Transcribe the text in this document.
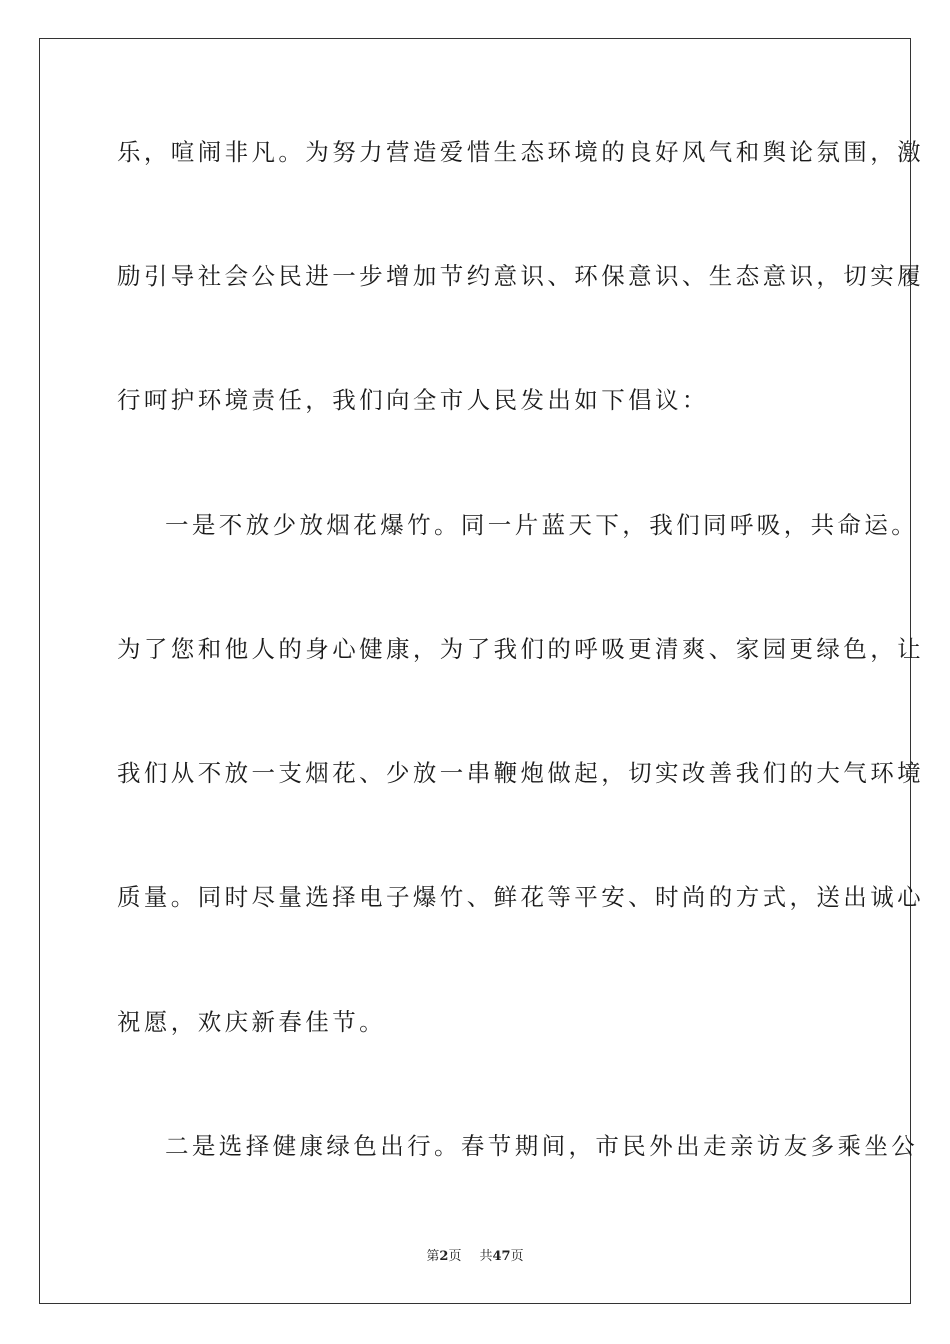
乐，喧闹非凡。为努力营造爱惜生态环境的良好风气和舆论氛围，激
励引导社会公民进一步增加节约意识、环保意识、生态意识，切实履
行呵护环境责任，我们向全市人民发出如下倡议：
一是不放少放烟花爆竹。同一片蓝天下，我们同呼吸，共命运。
为了您和他人的身心健康，为了我们的呼吸更清爽、家园更绿色，让
我们从不放一支烟花、少放一串鞭炮做起，切实改善我们的大气环境
质量。同时尽量选择电子爆竹、鲜花等平安、时尚的方式，送出诚心
祝愿，欢庆新春佳节。
二是选择健康绿色出行。春节期间，市民外出走亲访友多乘坐公
第2页 共47页
